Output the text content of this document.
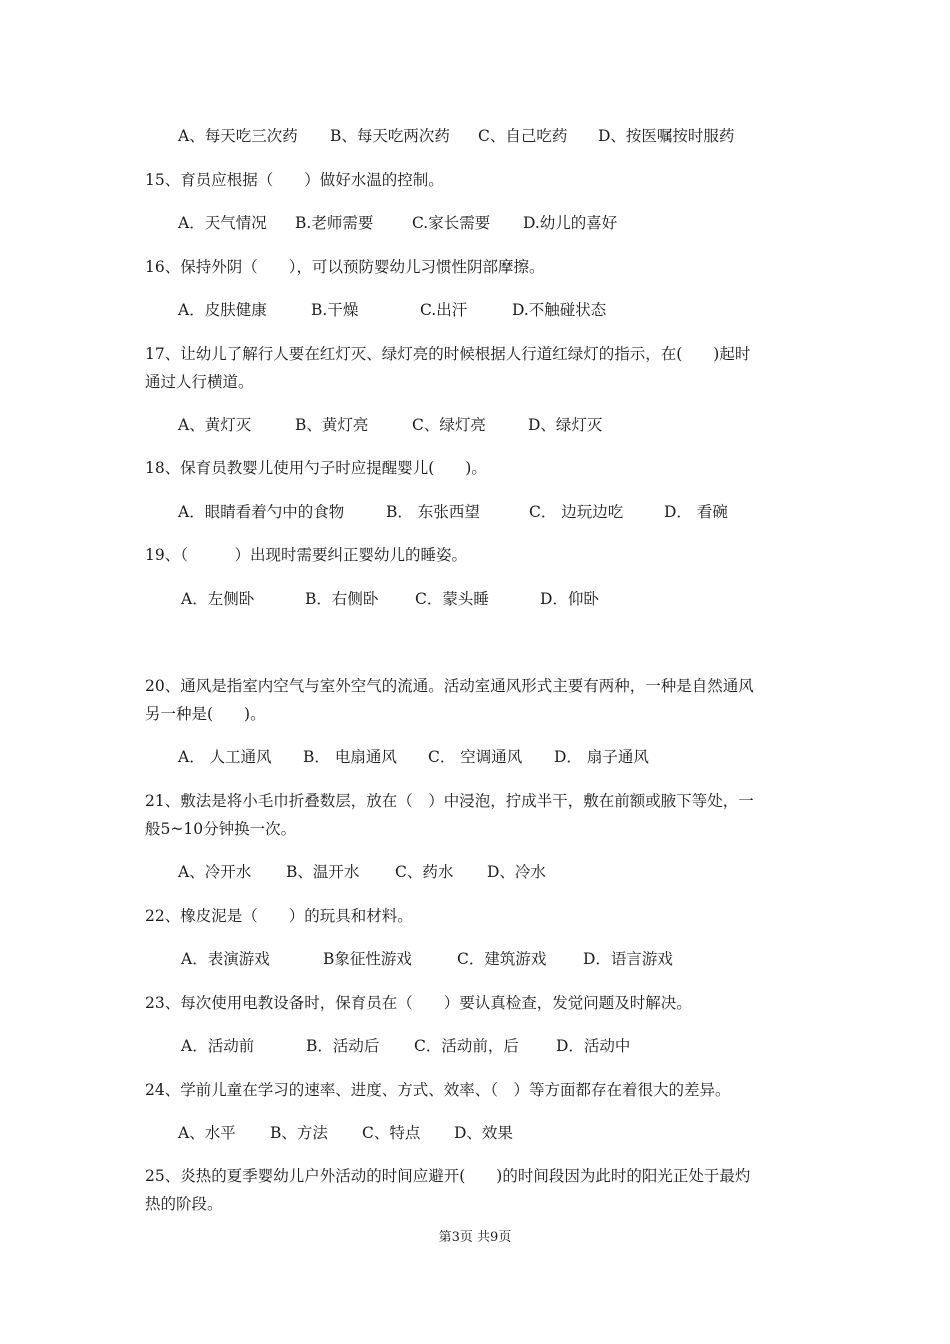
A、每天吃三次药 B、每天吃两次药 C、自己吃药 D、按医嘱按时服药
15、育员应根据（　　）做好水温的控制。
A．天气情况 B.老师需要 C.家长需要 D.幼儿的喜好
16、保持外阴（　　），可以预防婴幼儿习惯性阴部摩擦。
A．皮肤健康	B.干燥	C.出汗	D.不触碰状态
17、让幼儿了解行人要在红灯灭、绿灯亮的时候根据人行道红绿灯的指示，在(　　)起时
通过人行横道。
A、黄灯灭	B、黄灯亮	C、绿灯亮	D、绿灯灭
18、保育员教婴儿使用勺子时应提醒婴儿(　　)。
A．眼睛看着勺中的食物	B． 东张西望	C． 边玩边吃	D． 看碗
19、（　　　）出现时需要纠正婴幼儿的睡姿。
A．左侧卧	B．右侧卧 C．蒙头睡	D．仰卧
20、通风是指室内空气与室外空气的流通。活动室通风形式主要有两种，一种是自然通风
另一种是(　　)。
A． 人工通风 B． 电扇通风 C． 空调通风 D． 扇子通风
21、敷法是将小毛巾折叠数层，放在（　）中浸泡，拧成半干，敷在前额或腋下等处，一
般5~10分钟换一次。
A、冷开水 B、温开水 C、药水 D、冷水
22、橡皮泥是（　　）的玩具和材料。
A．表演游戏	B象征性游戏	C．建筑游戏 D．语言游戏
23、每次使用电教设备时，保育员在（　　）要认真检查，发觉问题及时解决。
A．活动前	B．活动后 C．活动前，后 D．活动中
24、学前儿童在学习的速率、进度、方式、效率、（　）等方面都存在着很大的差异。
A、水平 B、方法 C、特点 D、效果
25、炎热的夏季婴幼儿户外活动的时间应避开(　　)的时间段因为此时的阳光正处于最灼
热的阶段。
第3页 共9页
